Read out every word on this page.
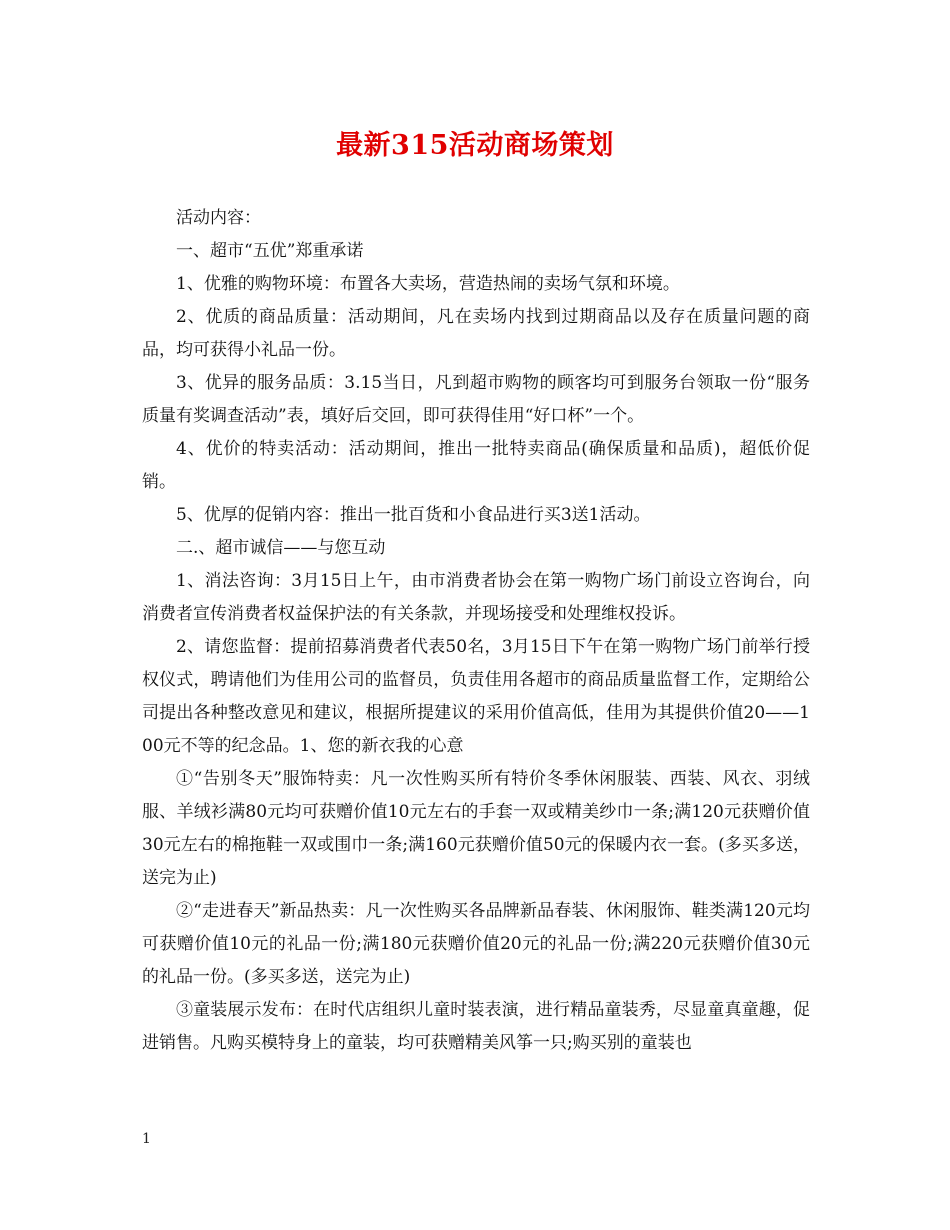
最新315活动商场策划

活动内容：

一、超市“五优”郑重承诺

1、优雅的购物环境：布置各大卖场，营造热闹的卖场气氛和环境。

2、优质的商品质量：活动期间，凡在卖场内找到过期商品以及存在质量问题的商品，均可获得小礼品一份。

3、优异的服务品质：3.15当日，凡到超市购物的顾客均可到服务台领取一份“服务质量有奖调查活动”表，填好后交回，即可获得佳用“好口杯”一个。

4、优价的特卖活动：活动期间，推出一批特卖商品(确保质量和品质)，超低价促销。

5、优厚的促销内容：推出一批百货和小食品进行买3送1活动。

二.、超市诚信——与您互动

1、消法咨询：3月15日上午，由市消费者协会在第一购物广场门前设立咨询台，向消费者宣传消费者权益保护法的有关条款，并现场接受和处理维权投诉。

2、请您监督：提前招募消费者代表50名，3月15日下午在第一购物广场门前举行授权仪式，聘请他们为佳用公司的监督员，负责佳用各超市的商品质量监督工作，定期给公司提出各种整改意见和建议，根据所提建议的采用价值高低，佳用为其提供价值20——100元不等的纪念品。1、您的新衣我的心意

①“告别冬天”服饰特卖：凡一次性购买所有特价冬季休闲服装、西装、风衣、羽绒服、羊绒衫满80元均可获赠价值10元左右的手套一双或精美纱巾一条;满120元获赠价值30元左右的棉拖鞋一双或围巾一条;满160元获赠价值50元的保暖内衣一套。(多买多送，送完为止)

②“走进春天”新品热卖：凡一次性购买各品牌新品春装、休闲服饰、鞋类满120元均可获赠价值10元的礼品一份;满180元获赠价值20元的礼品一份;满220元获赠价值30元的礼品一份。(多买多送，送完为止)

③童装展示发布：在时代店组织儿童时装表演，进行精品童装秀，尽显童真童趣，促进销售。凡购买模特身上的童装，均可获赠精美风筝一只;购买别的童装也

1
